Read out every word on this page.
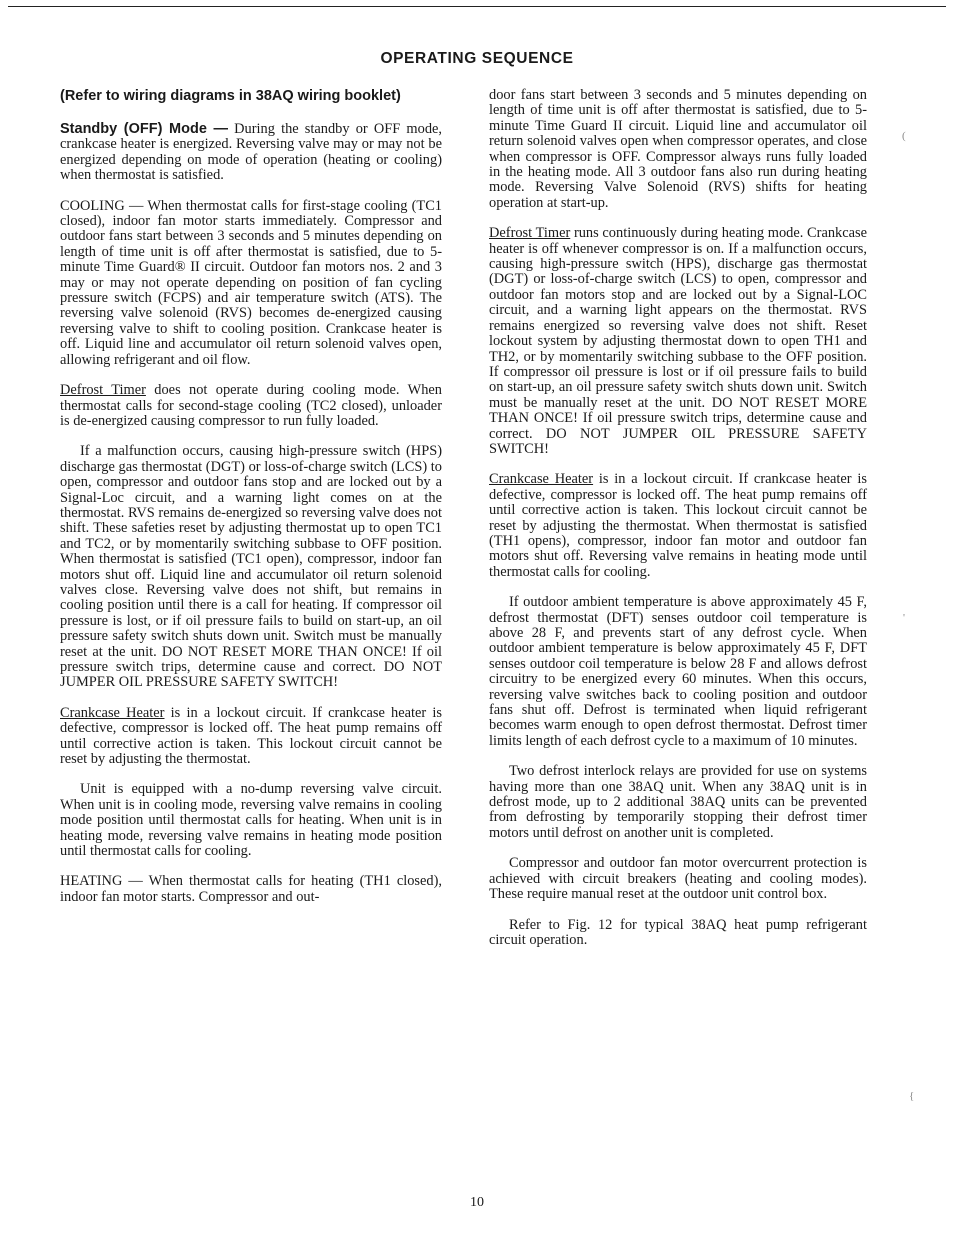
OPERATING SEQUENCE
(Refer to wiring diagrams in 38AQ wiring booklet)

Standby (OFF) Mode — During the standby or OFF mode, crankcase heater is energized. Reversing valve may or may not be energized depending on mode of operation (heating or cooling) when thermostat is satisfied.

COOLING — When thermostat calls for first-stage cooling (TC1 closed), indoor fan motor starts immediately. Compressor and outdoor fans start between 3 seconds and 5 minutes depending on length of time unit is off after thermostat is satisfied, due to 5-minute Time Guard® II circuit. Outdoor fan motors nos. 2 and 3 may or may not operate depending on position of fan cycling pressure switch (FCPS) and air temperature switch (ATS). The reversing valve solenoid (RVS) becomes de-energized causing reversing valve to shift to cooling position. Crankcase heater is off. Liquid line and accumulator oil return solenoid valves open, allowing refrigerant and oil flow.

Defrost Timer does not operate during cooling mode. When thermostat calls for second-stage cooling (TC2 closed), unloader is de-energized causing compressor to run fully loaded.

If a malfunction occurs, causing high-pressure switch (HPS) discharge gas thermostat (DGT) or loss-of-charge switch (LCS) to open, compressor and outdoor fans stop and are locked out by a Signal-Loc circuit, and a warning light comes on at the thermostat. RVS remains de-energized so reversing valve does not shift. These safeties reset by adjusting thermostat up to open TC1 and TC2, or by momentarily switching subbase to OFF position. When thermostat is satisfied (TC1 open), compressor, indoor fan motors shut off. Liquid line and accumulator oil return solenoid valves close. Reversing valve does not shift, but remains in cooling position until there is a call for heating. If compressor oil pressure is lost, or if oil pressure fails to build on start-up, an oil pressure safety switch shuts down unit. Switch must be manually reset at the unit. DO NOT RESET MORE THAN ONCE! If oil pressure switch trips, determine cause and correct. DO NOT JUMPER OIL PRESSURE SAFETY SWITCH!

Crankcase Heater is in a lockout circuit. If crankcase heater is defective, compressor is locked off. The heat pump remains off until corrective action is taken. This lockout circuit cannot be reset by adjusting the thermostat.

Unit is equipped with a no-dump reversing valve circuit. When unit is in cooling mode, reversing valve remains in cooling mode position until thermostat calls for heating. When unit is in heating mode, reversing valve remains in heating mode position until thermostat calls for cooling.

HEATING — When thermostat calls for heating (TH1 closed), indoor fan motor starts. Compressor and out-

door fans start between 3 seconds and 5 minutes depending on length of time unit is off after thermostat is satisfied, due to 5-minute Time Guard II circuit. Liquid line and accumulator oil return solenoid valves open when compressor operates, and close when compressor is OFF. Compressor always runs fully loaded in the heating mode. All 3 outdoor fans also run during heating mode. Reversing Valve Solenoid (RVS) shifts for heating operation at start-up.

Defrost Timer runs continuously during heating mode. Crankcase heater is off whenever compressor is on. If a malfunction occurs, causing high-pressure switch (HPS), discharge gas thermostat (DGT) or loss-of-charge switch (LCS) to open, compressor and outdoor fan motors stop and are locked out by a Signal-LOC circuit, and a warning light appears on the thermostat. RVS remains energized so reversing valve does not shift. Reset lockout system by adjusting thermostat down to open TH1 and TH2, or by momentarily switching subbase to the OFF position. If compressor oil pressure is lost or if oil pressure fails to build on start-up, an oil pressure safety switch shuts down unit. Switch must be manually reset at the unit. DO NOT RESET MORE THAN ONCE! If oil pressure switch trips, determine cause and correct. DO NOT JUMPER OIL PRESSURE SAFETY SWITCH!

Crankcase Heater is in a lockout circuit. If crankcase heater is defective, compressor is locked off. The heat pump remains off until corrective action is taken. This lockout circuit cannot be reset by adjusting the thermostat. When thermostat is satisfied (TH1 opens), compressor, indoor fan motor and outdoor fan motors shut off. Reversing valve remains in heating mode until thermostat calls for cooling.

If outdoor ambient temperature is above approximately 45 F, defrost thermostat (DFT) senses outdoor coil temperature is above 28 F, and prevents start of any defrost cycle. When outdoor ambient temperature is below approximately 45 F, DFT senses outdoor coil temperature is below 28 F and allows defrost circuitry to be energized every 60 minutes. When this occurs, reversing valve switches back to cooling position and outdoor fans shut off. Defrost is terminated when liquid refrigerant becomes warm enough to open defrost thermostat. Defrost timer limits length of each defrost cycle to a maximum of 10 minutes.

Two defrost interlock relays are provided for use on systems having more than one 38AQ unit. When any 38AQ unit is in defrost mode, up to 2 additional 38AQ units can be prevented from defrosting by temporarily stopping their defrost timer motors until defrost on another unit is completed.

Compressor and outdoor fan motor overcurrent protection is achieved with circuit breakers (heating and cooling modes). These require manual reset at the outdoor unit control box.

Refer to Fig. 12 for typical 38AQ heat pump refrigerant circuit operation.

10
(
'
{
